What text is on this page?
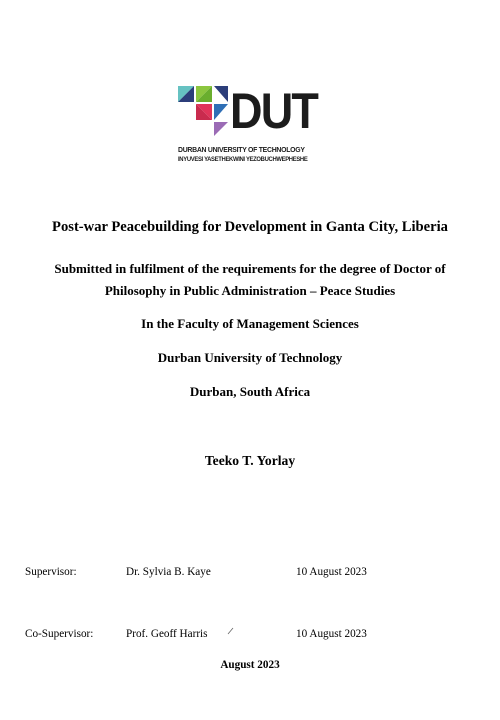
DUT
DURBAN UNIVERSITY OF TECHNOLOGY
INYUVESI YASETHEKWINI YEZOBUCHWEPHESHE
Post-war Peacebuilding for Development in Ganta City, Liberia
Submitted in fulfilment of the requirements for the degree of Doctor of
Philosophy in Public Administration – Peace Studies
In the Faculty of Management Sciences
Durban University of Technology
Durban, South Africa
Teeko T. Yorlay
Supervisor:	Dr. Sylvia B. Kaye	10 August 2023
Co-Supervisor:	Prof. Geoff Harris	10 August 2023
August 2023
